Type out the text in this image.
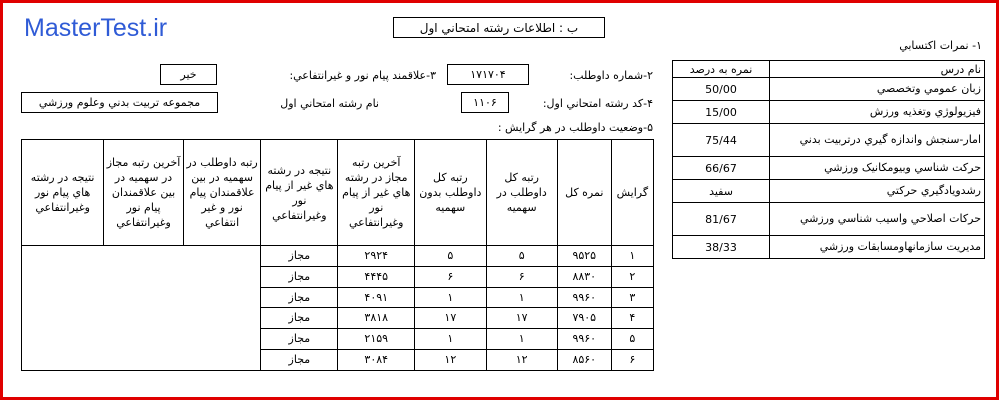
MasterTest.ir	ب : اطلاعات رشته امتحاني اول
۱- نمرات اکتسابي
نام درس	نمره به درصد
زبان عمومي وتخصصي	50/00
فيزيولوژي وتغذيه ورزش	15/00
امار-سنجش واندازه گيري درتربيت بدني	75/44
حرکت شناسي وبيومکانيک ورزشي	66/67
رشدويادگيري حرکتي	سفيد
حرکات اصلاحي واسيب شناسي ورزشي	81/67
مديريت سازمانهاومسابقات ورزشي	38/33
۲-شماره داوطلب:
۱۷۱۷۰۴
۳-علاقمند پيام نور و غيرانتفاعي:
خير
۴-کد رشته امتحاني اول:
۱۱۰۶
نام رشته امتحاني اول
مجموعه تربيت بدني وعلوم ورزشي
۵-وضعيت داوطلب در هر گرايش :
گرايش	نمره کل	رتبه کل داوطلب در سهميه	رتبه کل داوطلب بدون سهميه	آخرين رتبه مجاز در رشته هاي غير از پيام نور وغيرانتفاعي	نتيجه در رشته هاي غير از پيام نور وغيرانتفاعي	رتبه داوطلب در سهميه در بين علاقمندان پيام نور و غير انتفاعي	آخرين رتبه مجاز در سهميه در بين علاقمندان پيام نور وغيرانتفاعي	نتيجه در رشته هاي پيام نور وغيرانتفاعي
۱	۹۵۲۵	۵	۵	۲۹۲۴	مجاز			
۲	۸۸۳۰	۶	۶	۴۴۴۵	مجاز			
۳	۹۹۶۰	۱	۱	۴۰۹۱	مجاز			
۴	۷۹۰۵	۱۷	۱۷	۳۸۱۸	مجاز			
۵	۹۹۶۰	۱	۱	۲۱۵۹	مجاز			
۶	۸۵۶۰	۱۲	۱۲	۳۰۸۴	مجاز			
